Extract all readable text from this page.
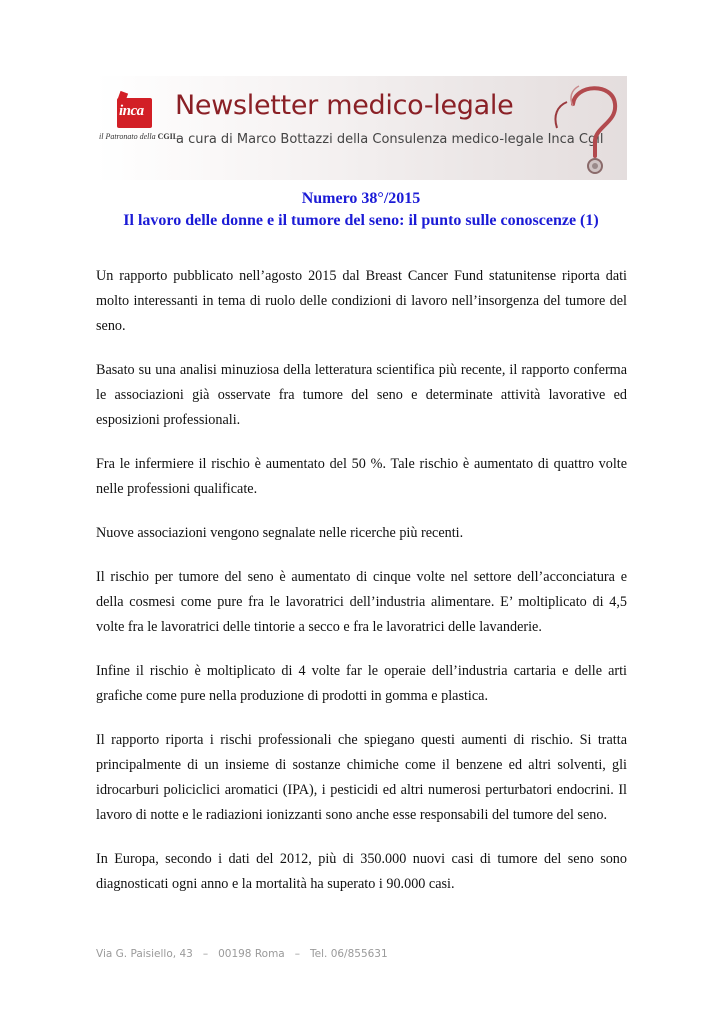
inca
il Patronato della CGIL
Newsletter medico-legale
a cura di Marco Bottazzi della Consulenza medico-legale Inca Cgil
Numero 38°/2015
Il lavoro delle donne e il tumore del seno: il punto sulle conoscenze (1)

Un rapporto pubblicato nell’agosto 2015 dal Breast Cancer Fund statunitense riporta dati molto interessanti in tema di ruolo delle condizioni di lavoro nell’insorgenza del tumore del seno.

Basato su una analisi minuziosa della letteratura scientifica più recente, il rapporto conferma le associazioni già osservate fra tumore del seno e determinate attività lavorative ed esposizioni professionali.

Fra le infermiere il rischio è aumentato del 50 %. Tale rischio è aumentato di quattro volte nelle professioni qualificate.

Nuove associazioni vengono segnalate nelle ricerche più recenti.

Il rischio per tumore del seno è aumentato di cinque volte nel settore dell’acconciatura e della cosmesi come pure fra le lavoratrici dell’industria alimentare. E’ moltiplicato di 4,5 volte fra le lavoratrici delle tintorie a secco e fra le lavoratrici delle lavanderie.

Infine il rischio è moltiplicato di 4 volte far le operaie dell’industria cartaria e delle arti grafiche come pure nella produzione di prodotti in gomma e plastica.

Il rapporto riporta i rischi professionali che spiegano questi aumenti di rischio. Si tratta principalmente di un insieme di sostanze chimiche come il benzene ed altri solventi, gli idrocarburi policiclici aromatici (IPA), i pesticidi ed altri numerosi perturbatori endocrini. Il lavoro di notte e le radiazioni ionizzanti sono anche esse responsabili del tumore del seno.

In Europa, secondo i dati del 2012, più di 350.000 nuovi casi di tumore del seno sono diagnosticati ogni anno e la mortalità ha superato i 90.000 casi.

Via G. Paisiello, 43   –   00198 Roma   –   Tel. 06/855631
